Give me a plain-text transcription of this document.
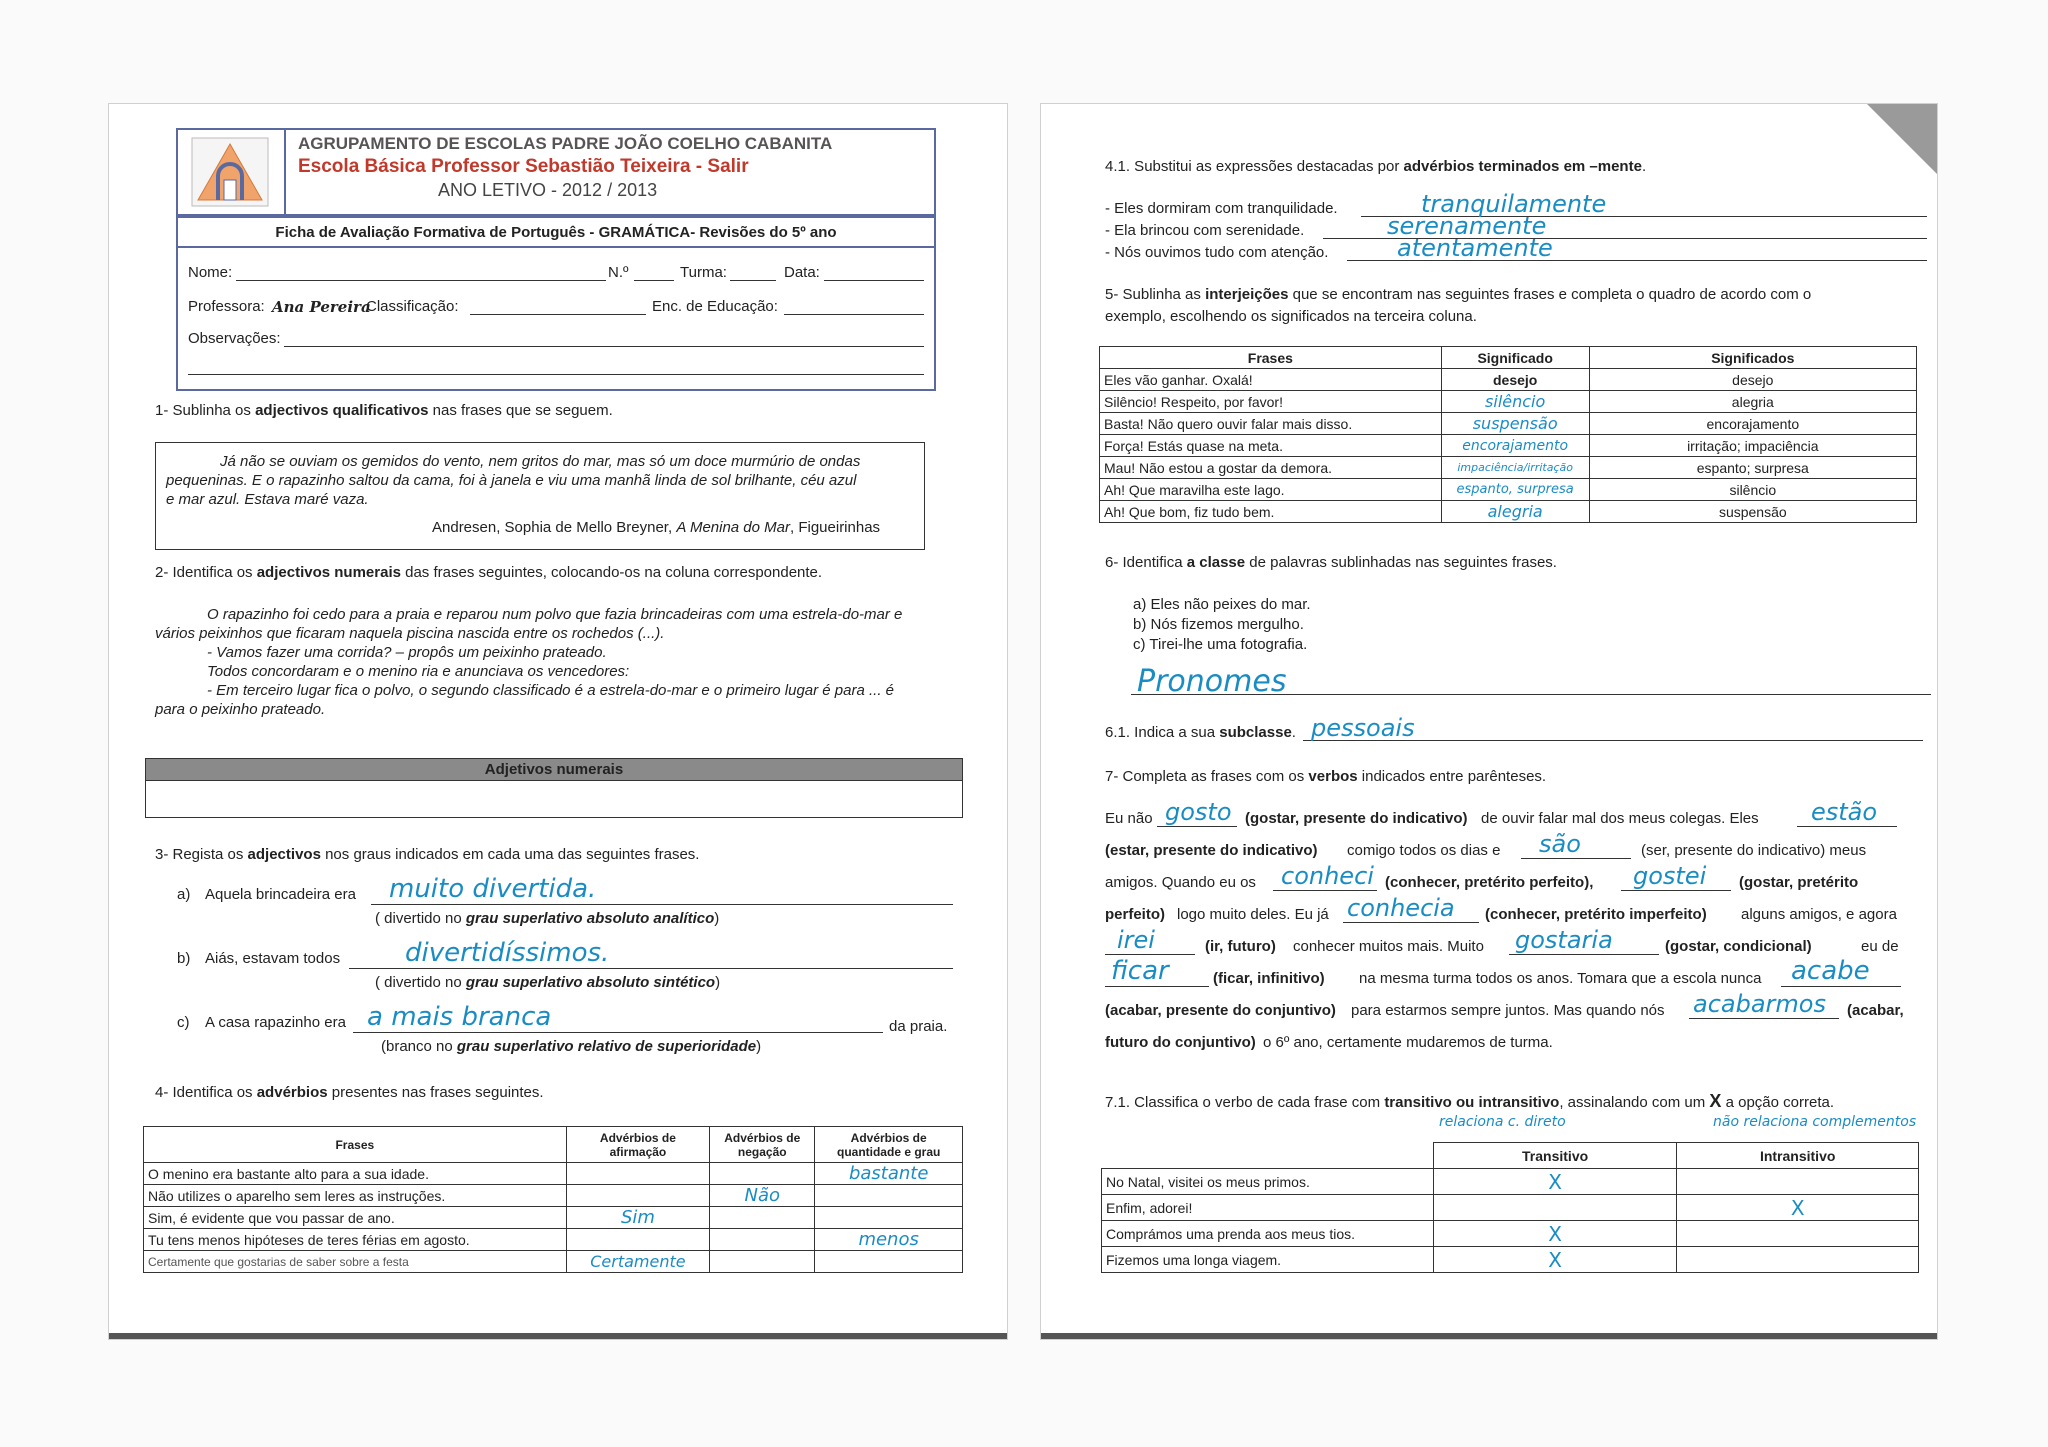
AGRUPAMENTO DE ESCOLAS PADRE JOÃO COELHO CABANITA
Escola Básica Professor Sebastião Teixeira - Salir
ANO LETIVO - 2012 / 2013
Ficha de Avaliação Formativa de Português - GRAMÁTICA- Revisões do 5º ano
Nome:	N.º	Turma:	Data:
Professora: Ana Pereira
Classificação:	Enc. de Educação:
Observações:
1- Sublinha os adjectivos qualificativos nas frases que se seguem.
Já não se ouviam os gemidos do vento, nem gritos do mar, mas só um doce murmúrio de ondas
pequeninas. E o rapazinho saltou da cama, foi à janela e viu uma manhã linda de sol brilhante, céu azul
e mar azul. Estava maré vaza.
Andresen, Sophia de Mello Breyner, A Menina do Mar, Figueirinhas
2- Identifica os adjectivos numerais das frases seguintes, colocando-os na coluna correspondente.
O rapazinho foi cedo para a praia e reparou num polvo que fazia brincadeiras com uma estrela-do-mar e
vários peixinhos que ficaram naquela piscina nascida entre os rochedos (...).
- Vamos fazer uma corrida? – propôs um peixinho prateado.
Todos concordaram e o menino ria e anunciava os vencedores:
- Em terceiro lugar fica o polvo, o segundo classificado é a estrela-do-mar e o primeiro lugar é para ... é
para o peixinho prateado.
Adjetivos numerais
3- Regista os adjectivos nos graus indicados em cada uma das seguintes frases.
a) Aquela brincadeira era muito divertida.
( divertido no grau superlativo absoluto analítico)
b) Aiás, estavam todos divertidíssimos.
( divertido no grau superlativo absoluto sintético)
c) A casa rapazinho era a mais branca	da praia.
(branco no grau superlativo relativo de superioridade)
4- Identifica os advérbios presentes nas frases seguintes.
Frases	Advérbios de afirmação	Advérbios de negação	Advérbios de quantidade e grau
O menino era bastante alto para a sua idade.			bastante
Não utilizes o aparelho sem leres as instruções.		Não	
Sim, é evidente que vou passar de ano.	Sim		
Tu tens menos hipóteses de teres férias em agosto.			menos
Certamente que gostarias de saber sobre a festa	Certamente		
4.1. Substitui as expressões destacadas por advérbios terminados em –mente.
- Eles dormiram com tranquilidade.	tranquilamente
- Ela brincou com serenidade.	serenamente
- Nós ouvimos tudo com atenção.	atentamente
5- Sublinha as interjeições que se encontram nas seguintes frases e completa o quadro de acordo com o
exemplo, escolhendo os significados na terceira coluna.
Frases	Significado	Significados
Eles vão ganhar. Oxalá!	desejo	desejo
Silêncio! Respeito, por favor!	silêncio	alegria
Basta! Não quero ouvir falar mais disso.	suspensão	encorajamento
Força! Estás quase na meta.	encorajamento	irritação; impaciência
Mau! Não estou a gostar da demora.	impaciência/irritação	espanto; surpresa
Ah! Que maravilha este lago.	espanto, surpresa	silêncio
Ah! Que bom, fiz tudo bem.	alegria	suspensão
6- Identifica a classe de palavras sublinhadas nas seguintes frases.
a) Eles não peixes do mar.
b) Nós fizemos mergulho.
c) Tirei-lhe uma fotografia.
Pronomes
6.1. Indica a sua subclasse. pessoais
7- Completa as frases com os verbos indicados entre parênteses.
Eu não gosto (gostar, presente do indicativo) de ouvir falar mal dos meus colegas. Eles estão
(estar, presente do indicativo) comigo todos os dias e são	(ser, presente do indicativo) meus
amigos. Quando eu os conheci (conhecer, pretérito perfeito), gostei (gostar, pretérito
perfeito) logo muito deles. Eu já conhecia (conhecer, pretérito imperfeito) alguns amigos, e agora
irei	(ir, futuro) conhecer muitos mais. Muito gostaria	(gostar, condicional)	eu de
ficar	(ficar, infinitivo) na mesma turma todos os anos. Tomara que a escola nunca acabe
(acabar, presente do conjuntivo) para estarmos sempre juntos. Mas quando nós acabarmos (acabar,
futuro do conjuntivo) o 6º ano, certamente mudaremos de turma.
7.1. Classifica o verbo de cada frase com transitivo ou intransitivo, assinalando com um X a opção correta.
relaciona c. direto	não relaciona complementos
	Transitivo	Intransitivo
No Natal, visitei os meus primos.	X	
Enfim, adorei!		X
Comprámos uma prenda aos meus tios.	X	
Fizemos uma longa viagem.	X	
